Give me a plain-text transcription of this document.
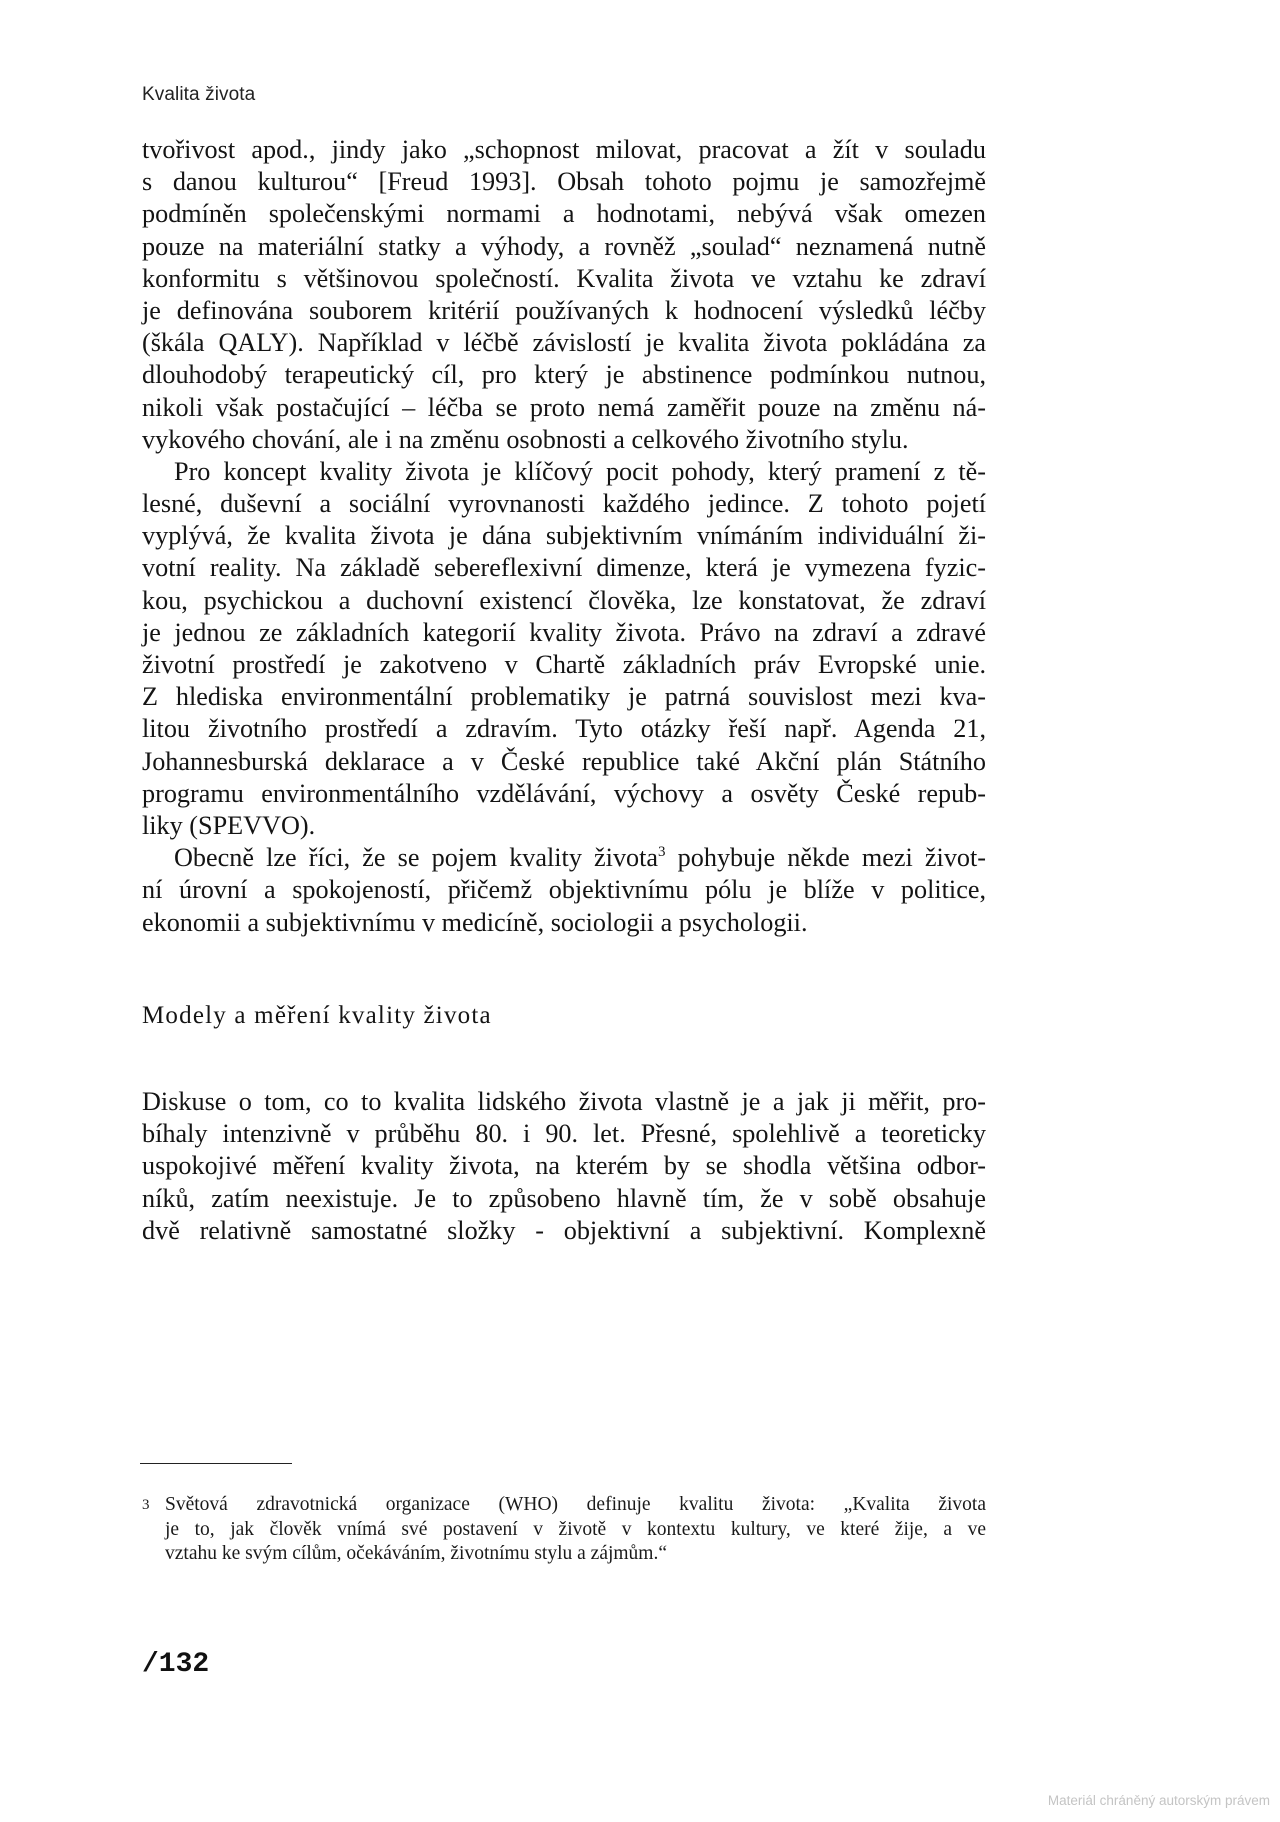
Kvalita života
tvořivost apod., jindy jako „schopnost milovat, pracovat a žít v souladu
s danou kulturou“ [Freud 1993]. Obsah tohoto pojmu je samozřejmě
podmíněn společenskými normami a hodnotami, nebývá však omezen
pouze na materiální statky a výhody, a rovněž „soulad“ neznamená nutně
konformitu s většinovou společností. Kvalita života ve vztahu ke zdraví
je definována souborem kritérií používaných k hodnocení výsledků léčby
(škála QALY). Například v léčbě závislostí je kvalita života pokládána za
dlouhodobý terapeutický cíl, pro který je abstinence podmínkou nutnou,
nikoli však postačující – léčba se proto nemá zaměřit pouze na změnu ná-
vykového chování, ale i na změnu osobnosti a celkového životního stylu.
Pro koncept kvality života je klíčový pocit pohody, který pramení z tě-
lesné, duševní a sociální vyrovnanosti každého jedince. Z tohoto pojetí
vyplývá, že kvalita života je dána subjektivním vnímáním individuální ži-
votní reality. Na základě sebereflexivní dimenze, která je vymezena fyzic-
kou, psychickou a duchovní existencí člověka, lze konstatovat, že zdraví
je jednou ze základních kategorií kvality života. Právo na zdraví a zdravé
životní prostředí je zakotveno v Chartě základních práv Evropské unie.
Z hlediska environmentální problematiky je patrná souvislost mezi kva-
litou životního prostředí a zdravím. Tyto otázky řeší např. Agenda 21,
Johannesburská deklarace a v České republice také Akční plán Státního
programu environmentálního vzdělávání, výchovy a osvěty České repub-
liky (SPEVVO).
Obecně lze říci, že se pojem kvality života$^3$ pohybuje někde mezi život-
ní úrovní a spokojeností, přičemž objektivnímu pólu je blíže v politice,
ekonomii a subjektivnímu v medicíně, sociologii a psychologii.
Modely a měření kvality života
Diskuse o tom, co to kvalita lidského života vlastně je a jak ji měřit, pro-
bíhaly intenzivně v průběhu 80. i 90. let. Přesné, spolehlivě a teoreticky
uspokojivé měření kvality života, na kterém by se shodla většina odbor-
níků, zatím neexistuje. Je to způsobeno hlavně tím, že v sobě obsahuje
dvě relativně samostatné složky - objektivní a subjektivní. Komplexně
3 Světová zdravotnická organizace (WHO) definuje kvalitu života: „Kvalita života
je to, jak člověk vnímá své postavení v životě v kontextu kultury, ve které žije, a ve
vztahu ke svým cílům, očekáváním, životnímu stylu a zájmům.“
/132
Materiál chráněný autorským právem
